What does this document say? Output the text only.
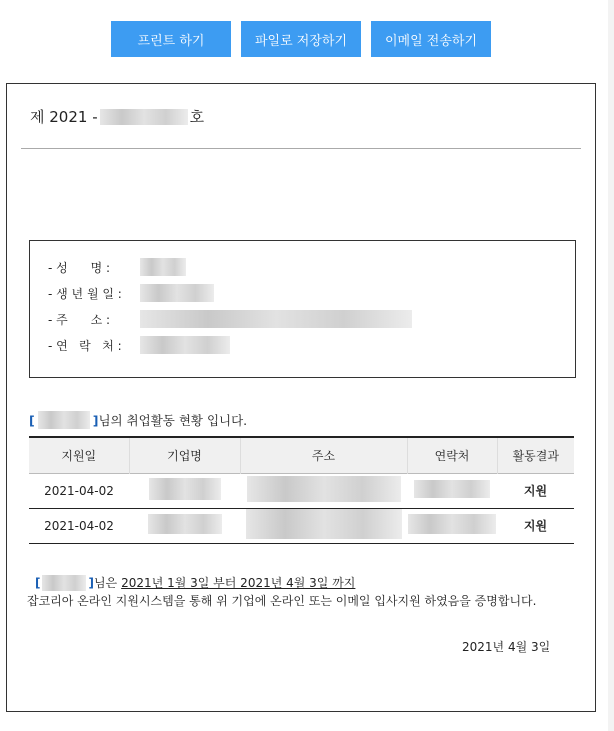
프린트 하기	파일로 저장하기	이메일 전송하기
제 2021 -	호
- 성      명 :
- 생 년 월 일 :
- 주      소 :
- 연   락   처 :
[	] 님의 취업활동 현황 입니다.
지원일	기업명	주소	연락처	활동결과
2021-04-02				지원
2021-04-02				지원
[	] 님은 2021년 1월 3일 부터 2021년 4월 3일 까지
잡코리아 온라인 지원시스템을 통해 위 기업에 온라인 또는 이메일 입사지원 하였음을 증명합니다.
2021년 4월 3일
